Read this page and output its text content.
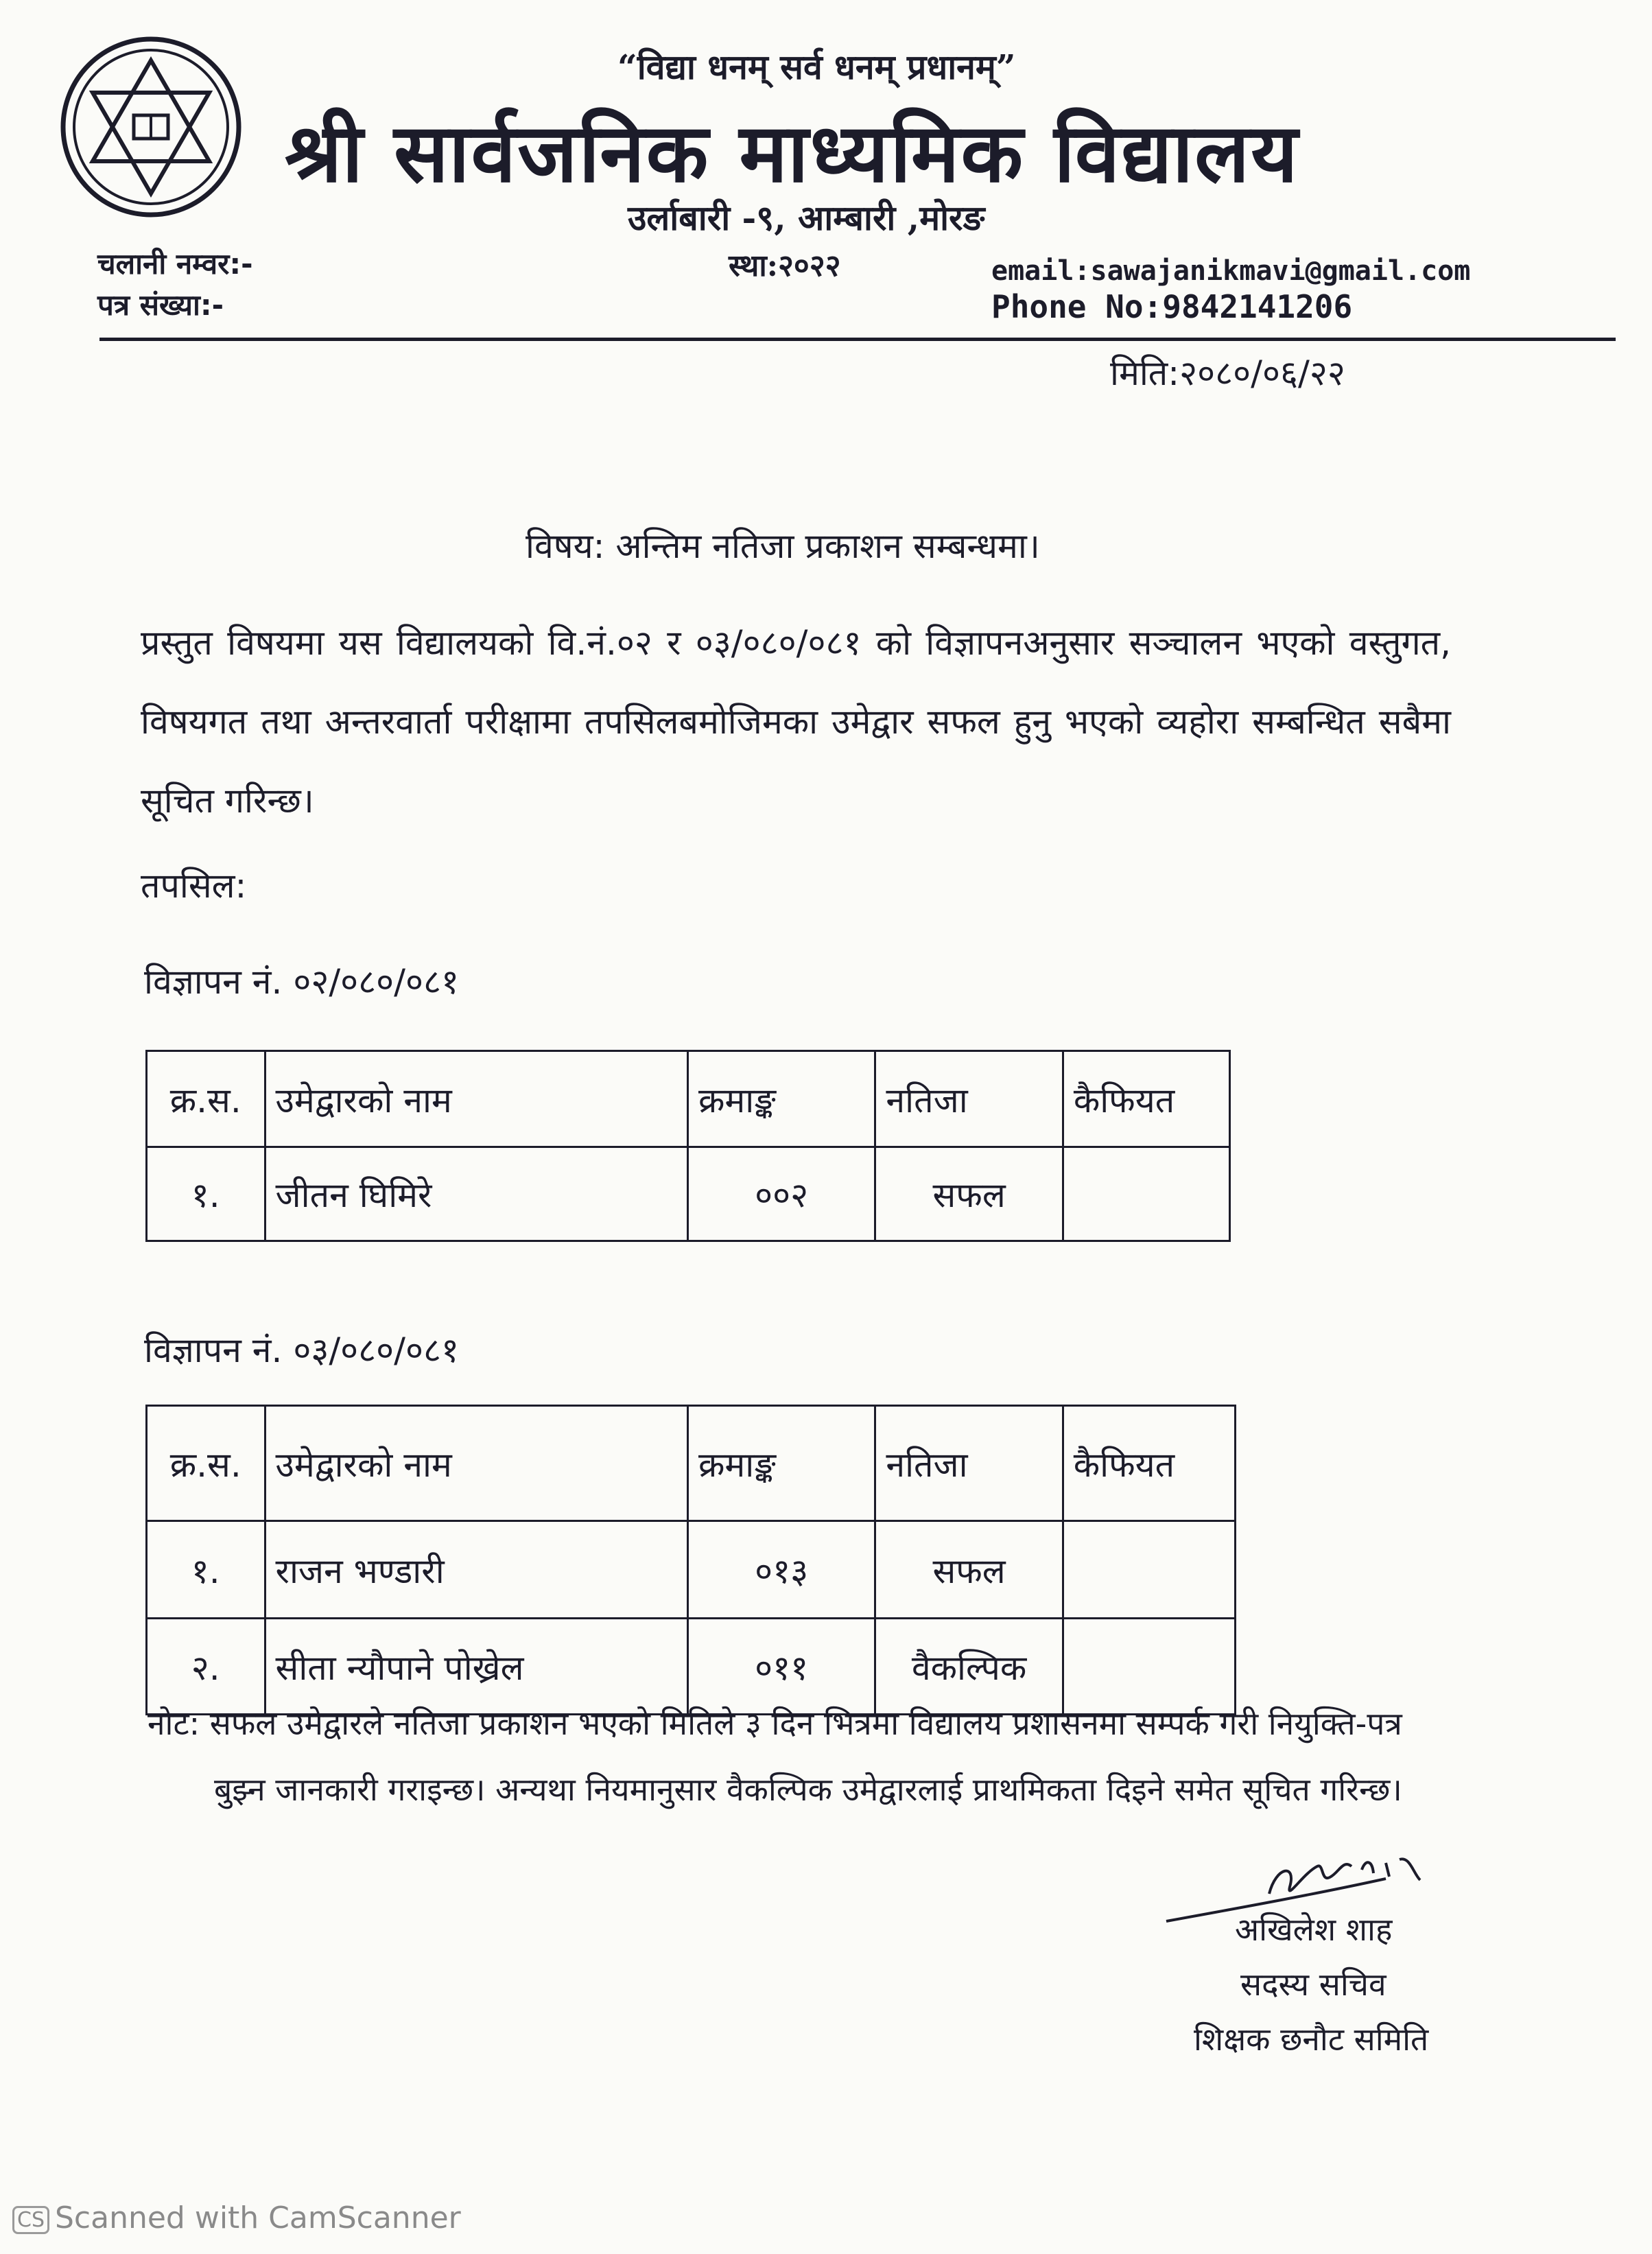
“विद्या धनम् सर्व धनम् प्रधानम्”
श्री सार्वजनिक माध्यमिक विद्यालय
उर्लाबारी -९, आम्बारी ,मोरङ
स्था:२०२२
चलानी नम्वर:-
पत्र संख्या:-
email:sawajanikmavi@gmail.com
Phone No:9842141206
मिति:२०८०/०६/२२
विषय: अन्तिम नतिजा प्रकाशन सम्बन्धमा।
प्रस्तुत विषयमा यस विद्यालयको वि.नं.०२ र ०३/०८०/०८१ को विज्ञापनअनुसार सञ्चालन भएको वस्तुगत, विषयगत तथा अन्तरवार्ता परीक्षामा तपसिलबमोजिमका उमेद्वार सफल हुनु भएको व्यहोरा सम्बन्धित सबैमा सूचित गरिन्छ।
तपसिल:
विज्ञापन नं. ०२/०८०/०८१
क्र.स.	उमेद्वारको नाम	क्रमाङ्क	नतिजा	कैफियत
१.	जीतन घिमिरे	००२	सफल	
विज्ञापन नं. ०३/०८०/०८१
क्र.स.	उमेद्वारको नाम	क्रमाङ्क	नतिजा	कैफियत
१.	राजन भण्डारी	०१३	सफल	
२.	सीता न्यौपाने पोख्रेल	०११	वैकल्पिक	
नोट: सफल उमेद्वारले नतिजा प्रकाशन भएको मितिले ३ दिन भित्रमा विद्यालय प्रशासनमा सम्पर्क गरी नियुक्ति-पत्र
बुझ्न जानकारी गराइन्छ। अन्यथा नियमानुसार वैकल्पिक उमेद्वारलाई प्राथमिकता दिइने समेत सूचित गरिन्छ।
अखिलेश शाह
सदस्य सचिव
शिक्षक छनौट समिति
CS Scanned with CamScanner
